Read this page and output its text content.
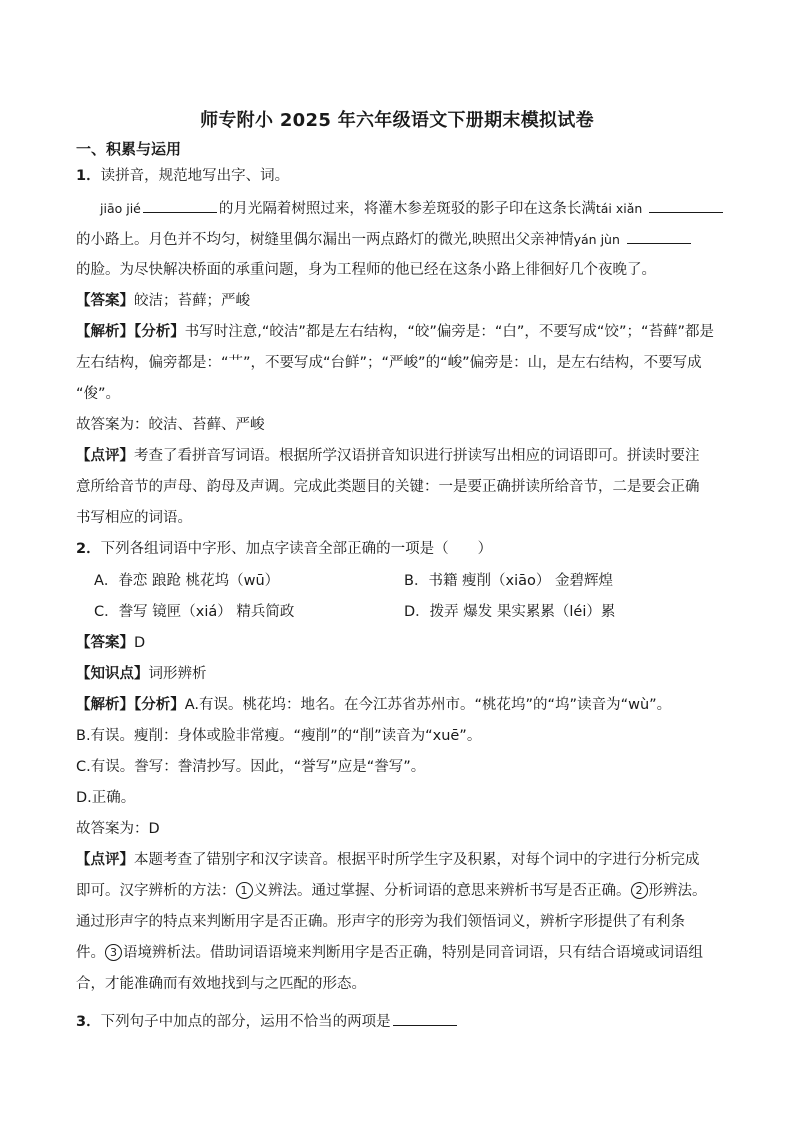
师专附小 2025 年六年级语文下册期末模拟试卷
一、积累与运用
1．读拼音，规范地写出字、词。
jiāo jié	的月光隔着树照过来，将灌木参差斑驳的影子印在这条长满tái xiǎn
的小路上。月色并不均匀，树缝里偶尔漏出一两点路灯的微光,映照出父亲神情yán jùn
的脸。为尽快解决桥面的承重问题，身为工程师的他已经在这条小路上徘徊好几个夜晚了。
【答案】皎洁；苔藓；严峻
【解析】【分析】书写时注意,“皎洁”都是左右结构，“皎”偏旁是：“白”，不要写成“饺”；“苔藓”都是
左右结构，偏旁都是：“艹”，不要写成“台鲜”；“严峻”的“峻”偏旁是：山，是左右结构，不要写成
“俊”。
故答案为：皎洁、苔藓、严峻
【点评】考查了看拼音写词语。根据所学汉语拼音知识进行拼读写出相应的词语即可。拼读时要注
意所给音节的声母、韵母及声调。完成此类题目的关键：一是要正确拼读所给音节，二是要会正确
书写相应的词语。
2．下列各组词语中字形、加点字读音全部正确的一项是（　　）
A．眷恋 踉跄 桃花坞（wū）	B．书籍 瘦削（xiāo） 金碧辉煌
C．誊写 镜匣（xiá） 精兵简政	D．拨弄 爆发 果实累累（léi）累
【答案】D
【知识点】词形辨析
【解析】【分析】A.有误。桃花坞：地名。在今江苏省苏州市。“桃花坞”的“坞”读音为“wù”。
B.有误。瘦削：身体或脸非常瘦。“瘦削”的“削”读音为“xuē”。
C.有误。誊写：誊清抄写。因此，“誉写”应是“誊写”。
D.正确。
故答案为：D
【点评】本题考查了错别字和汉字读音。根据平时所学生字及积累，对每个词中的字进行分析完成
即可。汉字辨析的方法： 1 义辨法。通过掌握、分析词语的意思来辨析书写是否正确。 2 形辨法。
通过形声字的特点来判断用字是否正确。形声字的形旁为我们领悟词义，辨析字形提供了有利条
件。 3 语境辨析法。借助词语语境来判断用字是否正确，特别是同音词语，只有结合语境或词语组
合，才能准确而有效地找到与之匹配的形态。
3．下列句子中加点的部分，运用不恰当的两项是
